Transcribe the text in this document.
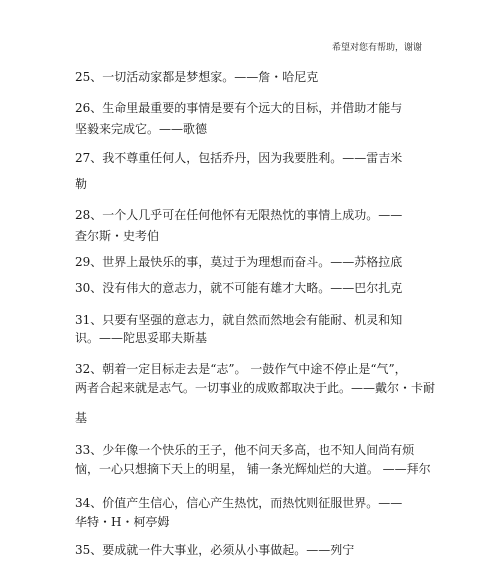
希望对您有帮助，谢谢
25、一切活动家都是梦想家。——詹・哈尼克
26、生命里最重要的事情是要有个远大的目标，并借助才能与
坚毅来完成它。——歌德
27、我不尊重任何人，包括乔丹，因为我要胜利。——雷吉米
勒
28、一个人几乎可在任何他怀有无限热忱的事情上成功。——
查尔斯・史考伯
29、世界上最快乐的事，莫过于为理想而奋斗。——苏格拉底
30、没有伟大的意志力，就不可能有雄才大略。——巴尔扎克
31、只要有坚强的意志力，就自然而然地会有能耐、机灵和知
识。——陀思妥耶夫斯基
32、朝着一定目标走去是“志”。 一鼓作气中途不停止是“气”，
两者合起来就是志气。一切事业的成败都取决于此。——戴尔・卡耐
基
33、少年像一个快乐的王子，他不问天多高，也不知人间尚有烦
恼，一心只想摘下天上的明星， 铺一条光辉灿烂的大道。 ——拜尔
34、价值产生信心，信心产生热忱，而热忱则征服世界。——
华特・H・柯亭姆
35、要成就一件大事业，必须从小事做起。——列宁
